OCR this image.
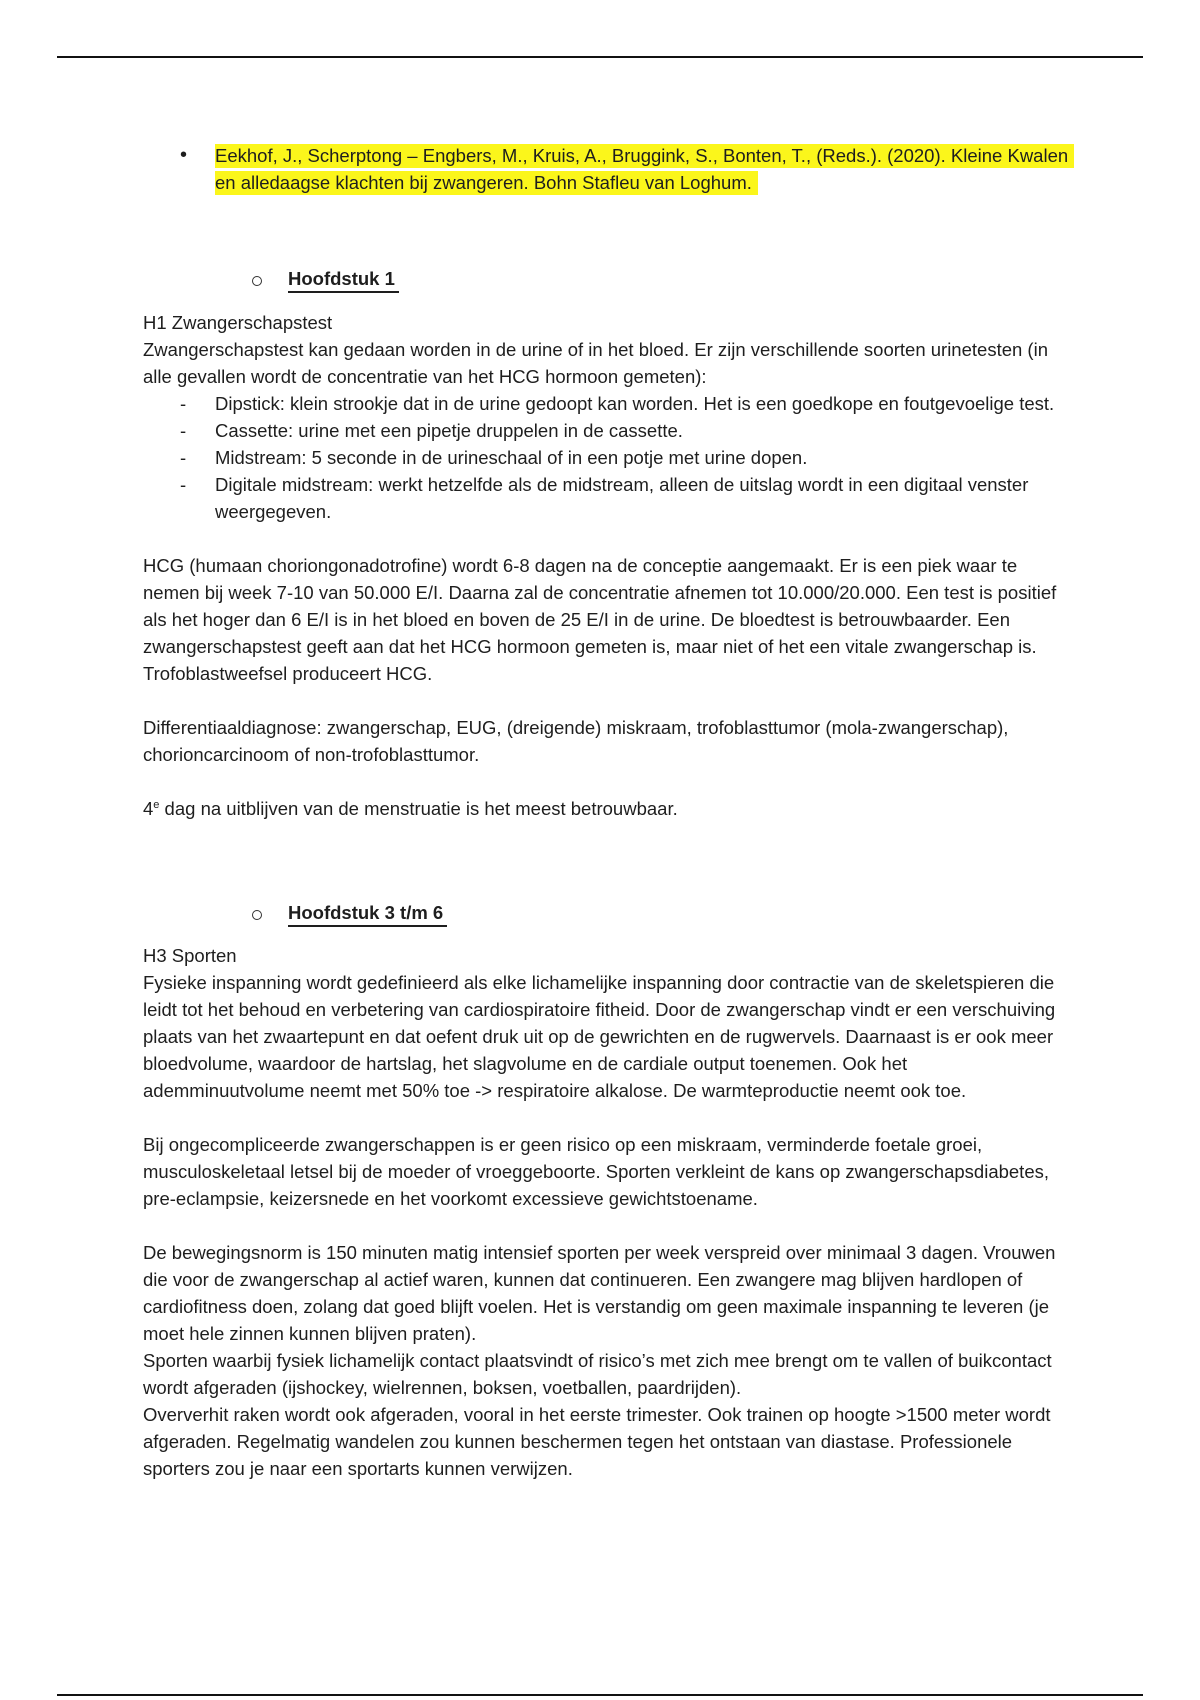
• Eekhof, J., Scherptong – Engbers, M., Kruis, A., Bruggink, S., Bonten, T., (Reds.). (2020). Kleine Kwalen en alledaagse klachten bij zwangeren. Bohn Stafleu van Loghum.
Hoofdstuk 1

H1 Zwangerschapstest

Zwangerschapstest kan gedaan worden in de urine of in het bloed. Er zijn verschillende soorten urinetesten (in alle gevallen wordt de concentratie van het HCG hormoon gemeten):

- Dipstick: klein strookje dat in de urine gedoopt kan worden. Het is een goedkope en foutgevoelige test.
- Cassette: urine met een pipetje druppelen in de cassette.
- Midstream: 5 seconde in de urineschaal of in een potje met urine dopen.
- Digitale midstream: werkt hetzelfde als de midstream, alleen de uitslag wordt in een digitaal venster weergegeven.

HCG (humaan choriongonadotrofine) wordt 6-8 dagen na de conceptie aangemaakt. Er is een piek waar te nemen bij week 7-10 van 50.000 E/I. Daarna zal de concentratie afnemen tot 10.000/20.000. Een test is positief als het hoger dan 6 E/I is in het bloed en boven de 25 E/I in de urine. De bloedtest is betrouwbaarder. Een zwangerschapstest geeft aan dat het HCG hormoon gemeten is, maar niet of het een vitale zwangerschap is. Trofoblastweefsel produceert HCG.

Differentiaaldiagnose: zwangerschap, EUG, (dreigende) miskraam, trofoblasttumor (mola-zwangerschap), chorioncarcinoom of non-trofoblasttumor.

4e dag na uitblijven van de menstruatie is het meest betrouwbaar.

Hoofdstuk 3 t/m 6

H3 Sporten

Fysieke inspanning wordt gedefinieerd als elke lichamelijke inspanning door contractie van de skeletspieren die leidt tot het behoud en verbetering van cardiospiratoire fitheid. Door de zwangerschap vindt er een verschuiving plaats van het zwaartepunt en dat oefent druk uit op de gewrichten en de rugwervels. Daarnaast is er ook meer bloedvolume, waardoor de hartslag, het slagvolume en de cardiale output toenemen. Ook het ademminuutvolume neemt met 50% toe -> respiratoire alkalose. De warmteproductie neemt ook toe.

Bij ongecompliceerde zwangerschappen is er geen risico op een miskraam, verminderde foetale groei, musculoskeletaal letsel bij de moeder of vroeggeboorte. Sporten verkleint de kans op zwangerschapsdiabetes, pre-eclampsie, keizersnede en het voorkomt excessieve gewichtstoename.

De bewegingsnorm is 150 minuten matig intensief sporten per week verspreid over minimaal 3 dagen. Vrouwen die voor de zwangerschap al actief waren, kunnen dat continueren. Een zwangere mag blijven hardlopen of cardiofitness doen, zolang dat goed blijft voelen. Het is verstandig om geen maximale inspanning te leveren (je moet hele zinnen kunnen blijven praten).

Sporten waarbij fysiek lichamelijk contact plaatsvindt of risico’s met zich mee brengt om te vallen of buikcontact wordt afgeraden (ijshockey, wielrennen, boksen, voetballen, paardrijden).

Oververhit raken wordt ook afgeraden, vooral in het eerste trimester. Ook trainen op hoogte >1500 meter wordt afgeraden. Regelmatig wandelen zou kunnen beschermen tegen het ontstaan van diastase. Professionele sporters zou je naar een sportarts kunnen verwijzen.
